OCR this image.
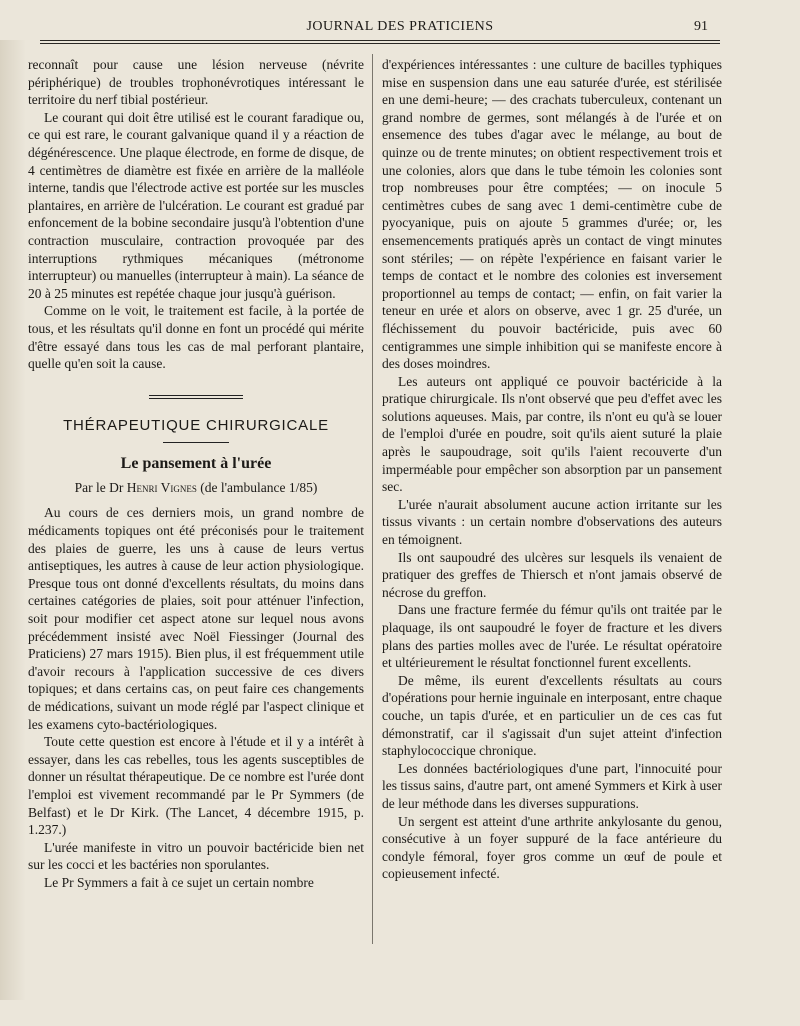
JOURNAL DES PRATICIENS	91

reconnaît pour cause une lésion nerveuse (névrite périphérique) de troubles trophonévrotiques intéressant le territoire du nerf tibial postérieur.

Le courant qui doit être utilisé est le courant faradique ou, ce qui est rare, le courant galvanique quand il y a réaction de dégénérescence. Une plaque électrode, en forme de disque, de 4 centimètres de diamètre est fixée en arrière de la malléole interne, tandis que l'électrode active est portée sur les muscles plantaires, en arrière de l'ulcération. Le courant est gradué par enfoncement de la bobine secondaire jusqu'à l'obtention d'une contraction musculaire, contraction provoquée par des interruptions rythmiques mécaniques (métronome interrupteur) ou manuelles (interrupteur à main). La séance de 20 à 25 minutes est repétée chaque jour jusqu'à guérison.

Comme on le voit, le traitement est facile, à la portée de tous, et les résultats qu'il donne en font un procédé qui mérite d'être essayé dans tous les cas de mal perforant plantaire, quelle qu'en soit la cause.

THÉRAPEUTIQUE CHIRURGICALE
Le pansement à l'urée
Par le Dr Henri Vignes (de l'ambulance 1/85)

Au cours de ces derniers mois, un grand nombre de médicaments topiques ont été préconisés pour le traitement des plaies de guerre, les uns à cause de leurs vertus antiseptiques, les autres à cause de leur action physiologique. Presque tous ont donné d'excellents résultats, du moins dans certaines catégories de plaies, soit pour atténuer l'infection, soit pour modifier cet aspect atone sur lequel nous avons précédemment insisté avec Noël Fiessinger (Journal des Praticiens) 27 mars 1915). Bien plus, il est fréquemment utile d'avoir recours à l'application successive de ces divers topiques; et dans certains cas, on peut faire ces changements de médications, suivant un mode réglé par l'aspect clinique et les examens cyto-bactériologiques.

Toute cette question est encore à l'étude et il y a intérêt à essayer, dans les cas rebelles, tous les agents susceptibles de donner un résultat thérapeutique. De ce nombre est l'urée dont l'emploi est vivement recommandé par le Pr Symmers (de Belfast) et le Dr Kirk. (The Lancet, 4 décembre 1915, p. 1.237.)

L'urée manifeste in vitro un pouvoir bactéricide bien net sur les cocci et les bactéries non sporulantes.

Le Pr Symmers a fait à ce sujet un certain nombre

d'expériences intéressantes : une culture de bacilles typhiques mise en suspension dans une eau saturée d'urée, est stérilisée en une demi-heure; — des crachats tuberculeux, contenant un grand nombre de germes, sont mélangés à de l'urée et on ensemence des tubes d'agar avec le mélange, au bout de quinze ou de trente minutes; on obtient respectivement trois et une colonies, alors que dans le tube témoin les colonies sont trop nombreuses pour être comptées; — on inocule 5 centimètres cubes de sang avec 1 demi-centimètre cube de pyocyanique, puis on ajoute 5 grammes d'urée; or, les ensemencements pratiqués après un contact de vingt minutes sont stériles; — on répète l'expérience en faisant varier le temps de contact et le nombre des colonies est inversement proportionnel au temps de contact; — enfin, on fait varier la teneur en urée et alors on observe, avec 1 gr. 25 d'urée, un fléchissement du pouvoir bactéricide, puis avec 60 centigrammes une simple inhibition qui se manifeste encore à des doses moindres.

Les auteurs ont appliqué ce pouvoir bactéricide à la pratique chirurgicale. Ils n'ont observé que peu d'effet avec les solutions aqueuses. Mais, par contre, ils n'ont eu qu'à se louer de l'emploi d'urée en poudre, soit qu'ils aient suturé la plaie après le saupoudrage, soit qu'ils l'aient recouverte d'un imperméable pour empêcher son absorption par un pansement sec.

L'urée n'aurait absolument aucune action irritante sur les tissus vivants : un certain nombre d'observations des auteurs en témoignent.

Ils ont saupoudré des ulcères sur lesquels ils venaient de pratiquer des greffes de Thiersch et n'ont jamais observé de nécrose du greffon.

Dans une fracture fermée du fémur qu'ils ont traitée par le plaquage, ils ont saupoudré le foyer de fracture et les divers plans des parties molles avec de l'urée. Le résultat opératoire et ultérieurement le résultat fonctionnel furent excellents.

De même, ils eurent d'excellents résultats au cours d'opérations pour hernie inguinale en interposant, entre chaque couche, un tapis d'urée, et en particulier un de ces cas fut démonstratif, car il s'agissait d'un sujet atteint d'infection staphylococcique chronique.

Les données bactériologiques d'une part, l'innocuité pour les tissus sains, d'autre part, ont amené Symmers et Kirk à user de leur méthode dans les diverses suppurations.

Un sergent est atteint d'une arthrite ankylosante du genou, consécutive à un foyer suppuré de la face antérieure du condyle fémoral, foyer gros comme un œuf de poule et copieusement infecté.
